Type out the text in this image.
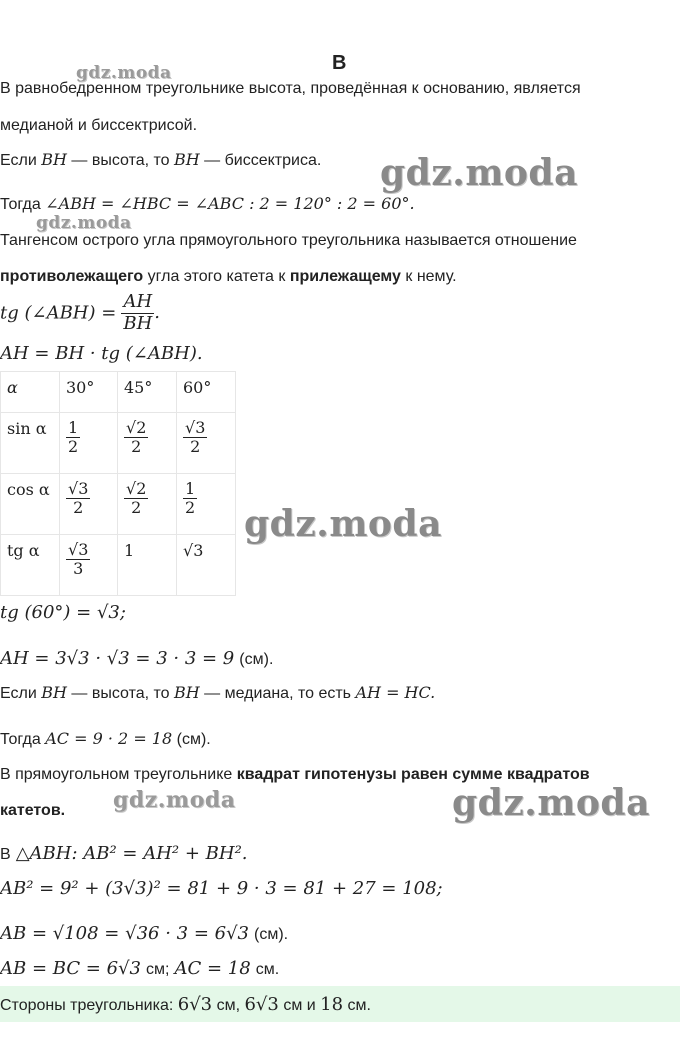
В
gdz.moda
gdz.moda
gdz.moda
gdz.moda
gdz.moda	gdz.moda
В равнобедренном треугольнике высота, проведённая к основанию, является
медианой и биссектрисой.
Если BH — высота, то BH — биссектриса.
Тогда ∠ABH = ∠HBC = ∠ABC : 2 = 120° : 2 = 60°.
Тангенсом острого угла прямоугольного треугольника называется отношение
противолежащего угла этого катета к прилежащему к нему.
tg (∠ABH) = $\frac{AH}{BH}$ .
AH = BH · tg (∠ABH).
α	30°	45°	60°
sin α	$\frac{1}{2}$	$\frac{√2}{2}$	$\frac{√3}{2}$

cos α	$\frac{√3}{2}$	$\frac{√2}{2}$	$\frac{1}{2}$

tg α	$\frac{√3}{3}$	1	√3
tg (60°) = √3;
AH = 3√3 · √3 = 3 · 3 = 9 (см).
Если BH — высота, то BH — медиана, то есть AH = HC.
Тогда AC = 9 · 2 = 18 (см).
В прямоугольном треугольнике квадрат гипотенузы равен сумме квадратов
катетов.
В △ABH: AB² = AH² + BH².
AB² = 9² + (3√3)² = 81 + 9 · 3 = 81 + 27 = 108;
AB = √108 = √36 · 3 = 6√3 (см).
AB = BC = 6√3 см; AC = 18 см.
Стороны треугольника: 6√3 см, 6√3 см и 18 см.
